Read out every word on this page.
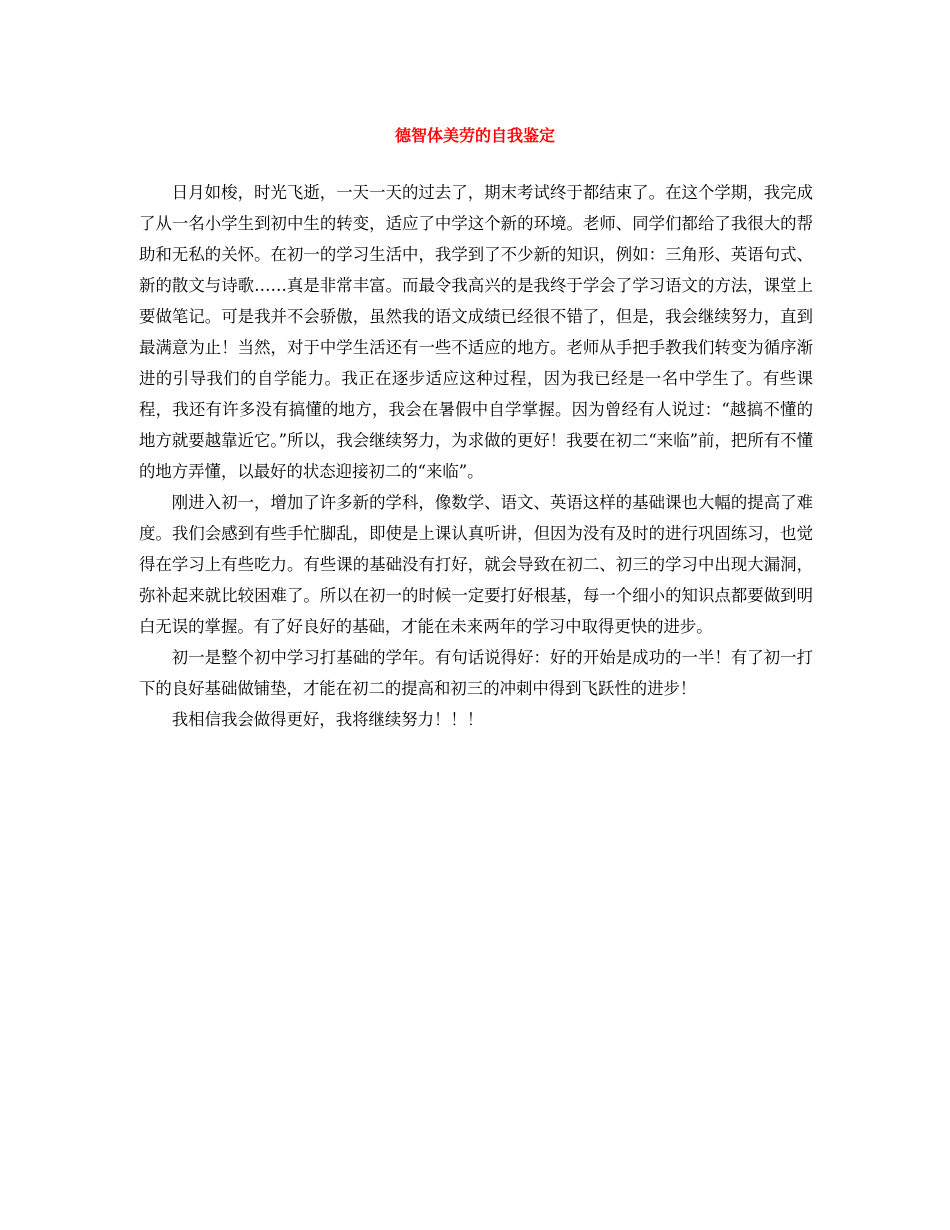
德智体美劳的自我鉴定

日月如梭，时光飞逝，一天一天的过去了，期末考试终于都结束了。在这个学期，我完成了从一名小学生到初中生的转变，适应了中学这个新的环境。老师、同学们都给了我很大的帮助和无私的关怀。在初一的学习生活中，我学到了不少新的知识，例如：三角形、英语句式、新的散文与诗歌……真是非常丰富。而最令我高兴的是我终于学会了学习语文的方法，课堂上要做笔记。可是我并不会骄傲，虽然我的语文成绩已经很不错了，但是，我会继续努力，直到最满意为止！当然，对于中学生活还有一些不适应的地方。老师从手把手教我们转变为循序渐进的引导我们的自学能力。我正在逐步适应这种过程，因为我已经是一名中学生了。有些课程，我还有许多没有搞懂的地方，我会在暑假中自学掌握。因为曾经有人说过：“越搞不懂的地方就要越靠近它。”所以，我会继续努力，为求做的更好！我要在初二“来临”前，把所有不懂的地方弄懂，以最好的状态迎接初二的“来临”。

刚进入初一，增加了许多新的学科，像数学、语文、英语这样的基础课也大幅的提高了难度。我们会感到有些手忙脚乱，即使是上课认真听讲，但因为没有及时的进行巩固练习，也觉得在学习上有些吃力。有些课的基础没有打好，就会导致在初二、初三的学习中出现大漏洞，弥补起来就比较困难了。所以在初一的时候一定要打好根基，每一个细小的知识点都要做到明白无误的掌握。有了好良好的基础，才能在未来两年的学习中取得更快的进步。

初一是整个初中学习打基础的学年。有句话说得好：好的开始是成功的一半！有了初一打下的良好基础做铺垫，才能在初二的提高和初三的冲刺中得到飞跃性的进步！

我相信我会做得更好，我将继续努力！！！
